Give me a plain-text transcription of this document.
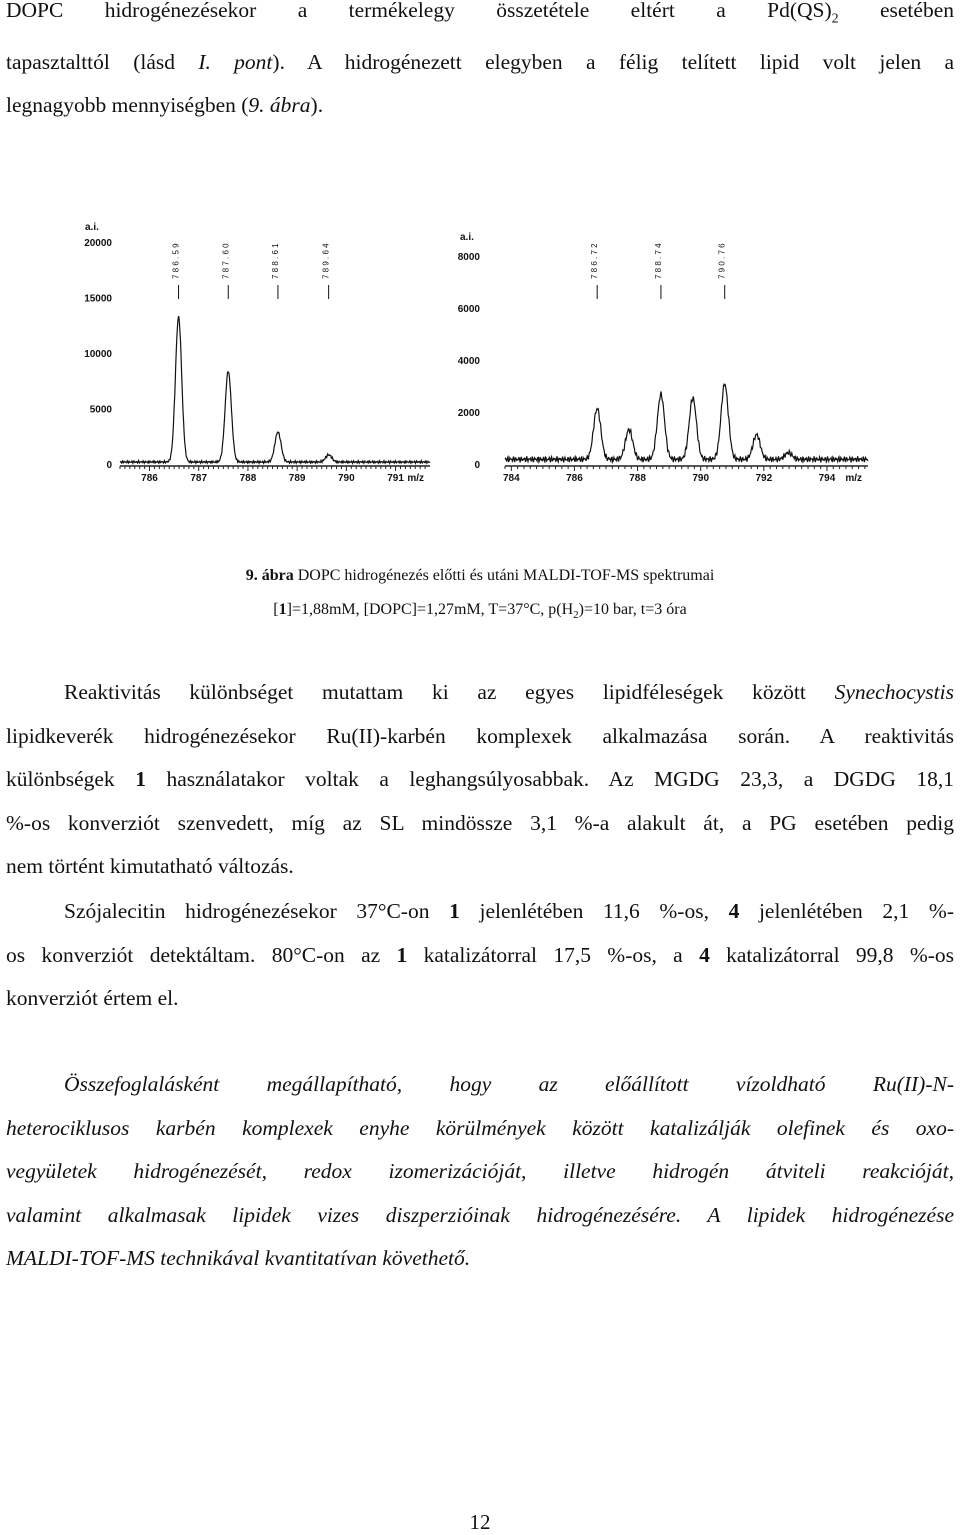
DOPC hidrogénezésekor a termékelegy összetétele eltért a $Pd(QS)_2$ esetében
tapasztalttól (lásd I. pont). A hidrogénezett elegyben a félig telített lipid volt jelen a
legnagyobb mennyiségben (9. ábra).
a.i.
0
5000
10000
15000
20000
786	787	788	789	790	791 m/z
7 8 6 . 5 9	7 8 7 . 6 0	7 8 8 . 6 1	7 8 9 . 6 4
a.i.
0
2000
4000
6000
8000
784	786	788	790	792	794 m/z
7 8 6 . 7 2	7 8 8 . 7 4	7 9 0 . 7 6
9. ábra DOPC hidrogénezés előtti és utáni MALDI-TOF-MS spektrumai
[1]=1,88mM, [DOPC]=1,27mM, T=37°C, $p(H_2)=10$ bar, t=3 óra
Reaktivitás különbséget mutattam ki az egyes lipidféleségek között Synechocystis
lipidkeverék hidrogénezésekor Ru(II)-karbén komplexek alkalmazása során. A reaktivitás
különbségek 1 használatakor voltak a leghangsúlyosabbak. Az MGDG 23,3, a DGDG 18,1
%-os konverziót szenvedett, míg az SL mindössze 3,1 %-a alakult át, a PG esetében pedig
nem történt kimutatható változás.
Szójalecitin hidrogénezésekor 37°C-on 1 jelenlétében 11,6 %-os, 4 jelenlétében 2,1 %-
os konverziót detektáltam. 80°C-on az 1 katalizátorral 17,5 %-os, a 4 katalizátorral 99,8 %-os
konverziót értem el.
Összefoglalásként megállapítható, hogy az előállított vízoldható Ru(II)-N-
heterociklusos karbén komplexek enyhe körülmények között katalizálják olefinek és oxo-
vegyületek hidrogénezését, redox izomerizációját, illetve hidrogén átviteli reakcióját,
valamint alkalmasak lipidek vizes diszperzióinak hidrogénezésére. A lipidek hidrogénezése
MALDI-TOF-MS technikával kvantitatívan követhető.
12
